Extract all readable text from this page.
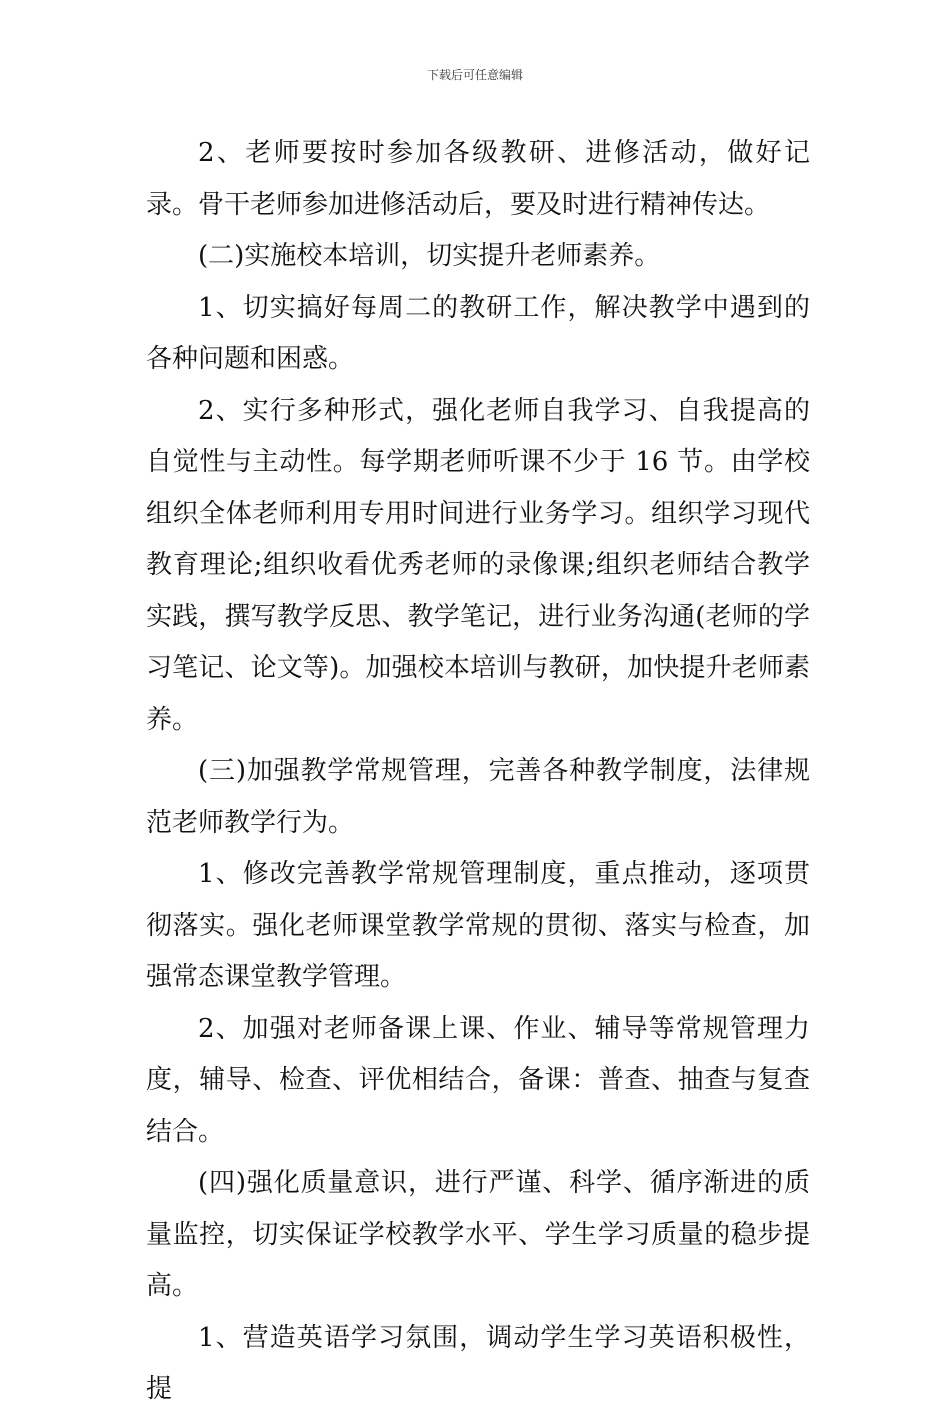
下载后可任意编辑

2、老师要按时参加各级教研、进修活动，做好记录。骨干老师参加进修活动后，要及时进行精神传达。

(二)实施校本培训，切实提升老师素养。

1、切实搞好每周二的教研工作，解决教学中遇到的各种问题和困惑。

2、实行多种形式，强化老师自我学习、自我提高的自觉性与主动性。每学期老师听课不少于 16 节。由学校组织全体老师利用专用时间进行业务学习。组织学习现代教育理论;组织收看优秀老师的录像课;组织老师结合教学实践，撰写教学反思、教学笔记，进行业务沟通(老师的学习笔记、论文等)。加强校本培训与教研，加快提升老师素养。

(三)加强教学常规管理，完善各种教学制度，法律规范老师教学行为。

1、修改完善教学常规管理制度，重点推动，逐项贯彻落实。强化老师课堂教学常规的贯彻、落实与检查，加强常态课堂教学管理。

2、加强对老师备课上课、作业、辅导等常规管理力度，辅导、检查、评优相结合，备课：普查、抽查与复查结合。

(四)强化质量意识，进行严谨、科学、循序渐进的质量监控，切实保证学校教学水平、学生学习质量的稳步提高。

1、营造英语学习氛围，调动学生学习英语积极性，提
